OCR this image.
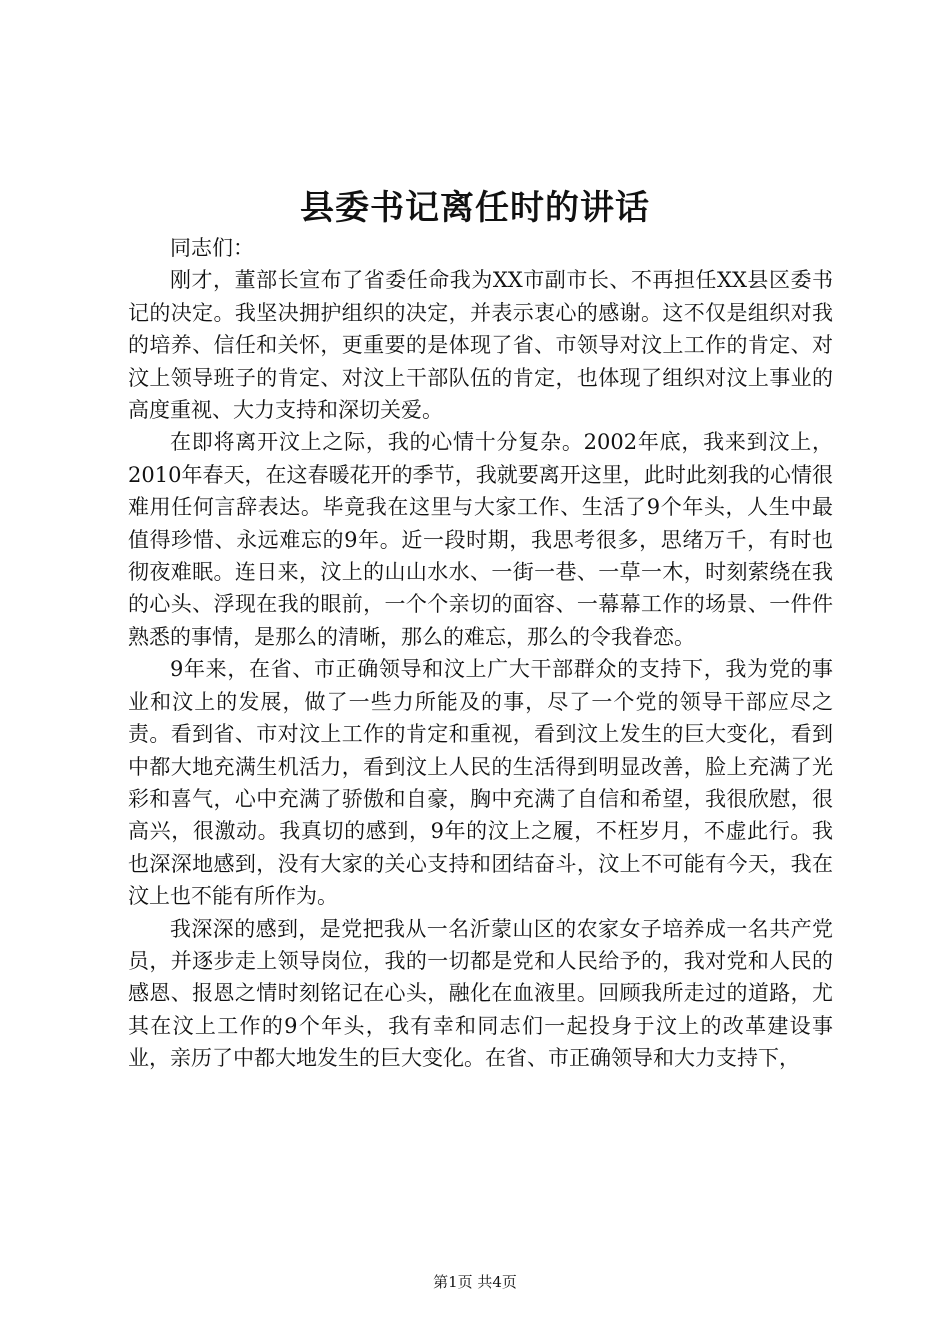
县委书记离任时的讲话

同志们：

刚才，董部长宣布了省委任命我为XX市副市长、不再担任XX县区委书记的决定。我坚决拥护组织的决定，并表示衷心的感谢。这不仅是组织对我的培养、信任和关怀，更重要的是体现了省、市领导对汶上工作的肯定、对汶上领导班子的肯定、对汶上干部队伍的肯定，也体现了组织对汶上事业的高度重视、大力支持和深切关爱。

在即将离开汶上之际，我的心情十分复杂。2002年底，我来到汶上，2010年春天，在这春暖花开的季节，我就要离开这里，此时此刻我的心情很难用任何言辞表达。毕竟我在这里与大家工作、生活了9个年头，人生中最值得珍惜、永远难忘的9年。近一段时期，我思考很多，思绪万千，有时也彻夜难眠。连日来，汶上的山山水水、一街一巷、一草一木，时刻萦绕在我的心头、浮现在我的眼前，一个个亲切的面容、一幕幕工作的场景、一件件熟悉的事情，是那么的清晰，那么的难忘，那么的令我眷恋。

9年来，在省、市正确领导和汶上广大干部群众的支持下，我为党的事业和汶上的发展，做了一些力所能及的事，尽了一个党的领导干部应尽之责。看到省、市对汶上工作的肯定和重视，看到汶上发生的巨大变化，看到中都大地充满生机活力，看到汶上人民的生活得到明显改善，脸上充满了光彩和喜气，心中充满了骄傲和自豪，胸中充满了自信和希望，我很欣慰，很高兴，很激动。我真切的感到，9年的汶上之履，不枉岁月，不虚此行。我也深深地感到，没有大家的关心支持和团结奋斗，汶上不可能有今天，我在汶上也不能有所作为。

我深深的感到，是党把我从一名沂蒙山区的农家女子培养成一名共产党员，并逐步走上领导岗位，我的一切都是党和人民给予的，我对党和人民的感恩、报恩之情时刻铭记在心头，融化在血液里。回顾我所走过的道路，尤其在汶上工作的9个年头，我有幸和同志们一起投身于汶上的改革建设事业，亲历了中都大地发生的巨大变化。在省、市正确领导和大力支持下，

第1页 共4页
